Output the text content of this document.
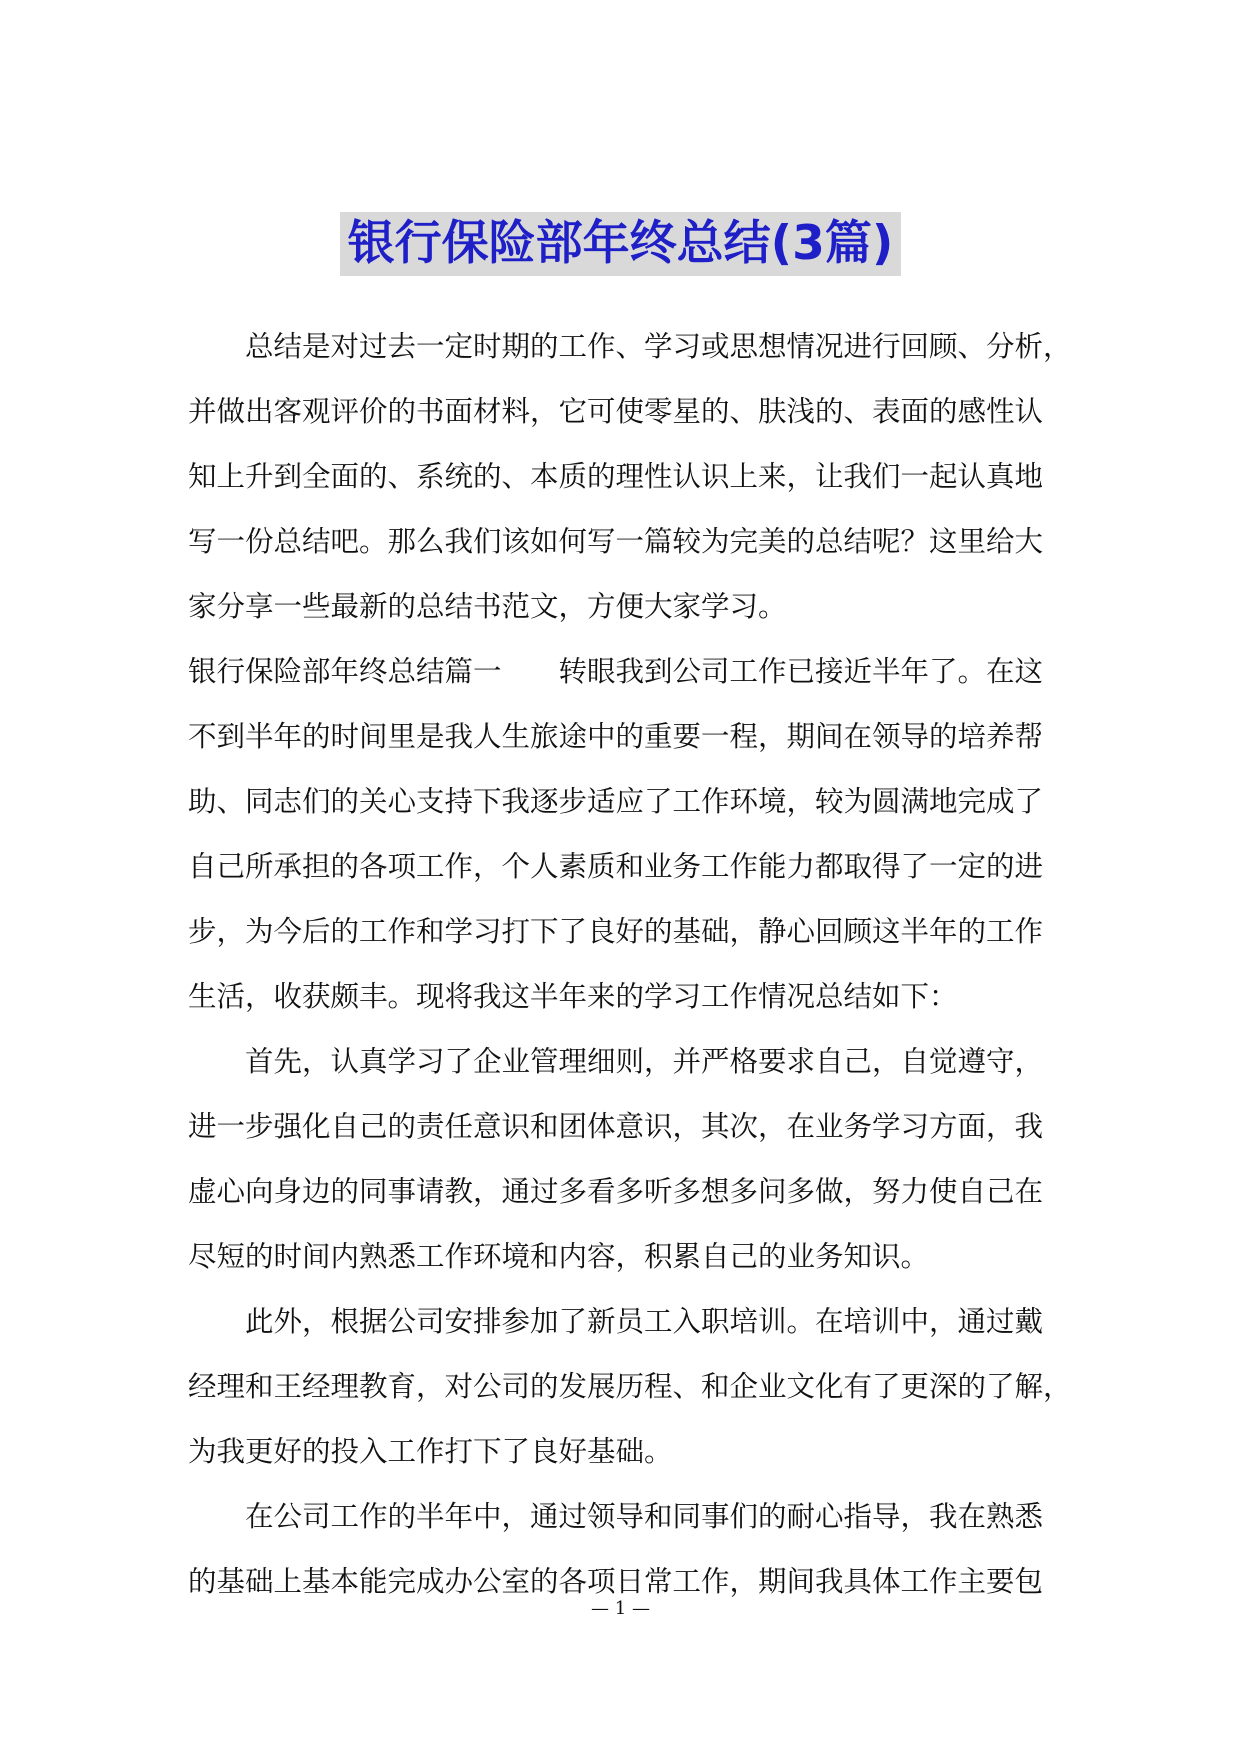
银行保险部年终总结(3篇)
总结是对过去一定时期的工作、学习或思想情况进行回顾、分析，
并做出客观评价的书面材料，它可使零星的、肤浅的、表面的感性认
知上升到全面的、系统的、本质的理性认识上来，让我们一起认真地
写一份总结吧。那么我们该如何写一篇较为完美的总结呢？这里给大
家分享一些最新的总结书范文，方便大家学习。
银行保险部年终总结篇一　　转眼我到公司工作已接近半年了。在这
不到半年的时间里是我人生旅途中的重要一程，期间在领导的培养帮
助、同志们的关心支持下我逐步适应了工作环境，较为圆满地完成了
自己所承担的各项工作，个人素质和业务工作能力都取得了一定的进
步，为今后的工作和学习打下了良好的基础，静心回顾这半年的工作
生活，收获颇丰。现将我这半年来的学习工作情况总结如下：
首先，认真学习了企业管理细则，并严格要求自己，自觉遵守，
进一步强化自己的责任意识和团体意识，其次，在业务学习方面，我
虚心向身边的同事请教，通过多看多听多想多问多做，努力使自己在
尽短的时间内熟悉工作环境和内容，积累自己的业务知识。
此外，根据公司安排参加了新员工入职培训。在培训中，通过戴
经理和王经理教育，对公司的发展历程、和企业文化有了更深的了解，
为我更好的投入工作打下了良好基础。
在公司工作的半年中，通过领导和同事们的耐心指导，我在熟悉
的基础上基本能完成办公室的各项日常工作，期间我具体工作主要包
— 1 —
